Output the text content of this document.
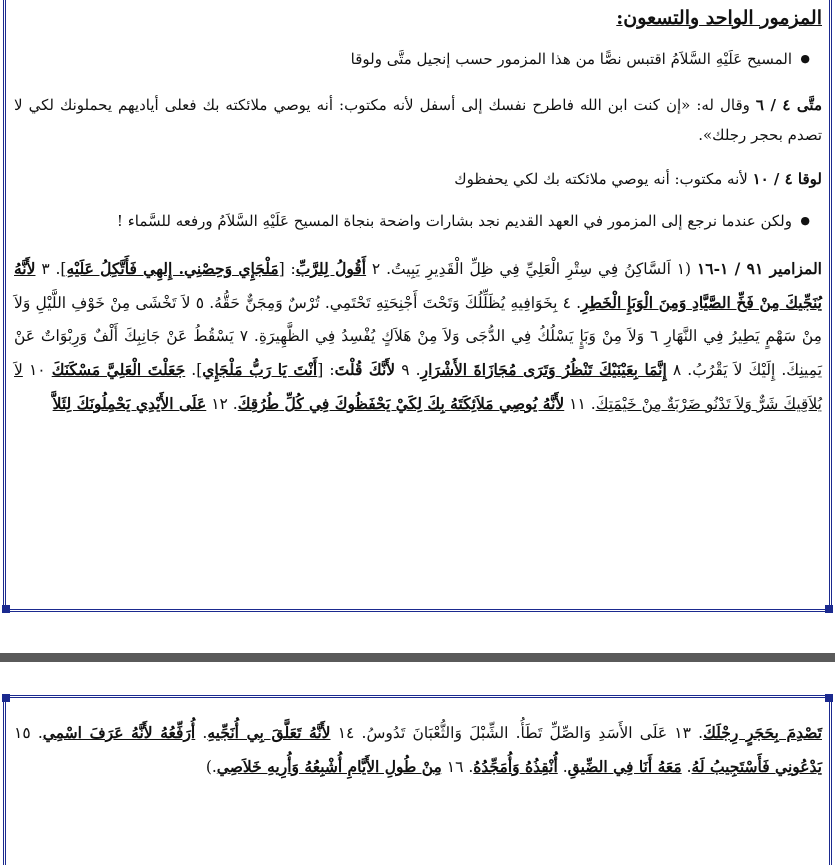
المزمور الواحد والتسعون:

● المسيح عَلَيْهِ السَّلاَمُ اقتبس نصًّا من هذا المزمور حسب إنجيل متَّى ولوقا

متَّى ٤ / ٦ وقال له: «إن كنت ابن الله فاطرح نفسك إلى أسفل لأنه مكتوب: أنه يوصي ملائكته بك فعلى أياديهم يحملونك لكي لا تصدم بحجر رجلك».

لوقا ٤ / ١٠ لأنه مكتوب: أنه يوصي ملائكته بك لكي يحفظوك

● ولكن عندما نرجع إلى المزمور في العهد القديم نجد بشارات واضحة بنجاة المسيح عَلَيْهِ السَّلاَمُ ورفعه للسَّماء !

المزامير ٩١ / ١-١٦ (١ اَلسَّاكِنُ فِي سِتْرِ الْعَلِيِّ فِي ظِلِّ الْقَدِيرِ يَبِيتُ. ٢ أَقُولُ لِلرَّبِّ: [مَلْجَإِي وَحِصْنِي. إِلهِي فَأَتَّكِلُ عَلَيْهِ]. ٣ لأَنَّهُ يُنَجِّيكَ مِنْ فَخِّ الصَّيَّادِ وَمِنَ الْوَبَإِ الْخَطِرِ. ٤ بِخَوَافِيهِ يُظَلِّلُكَ وَتَحْتَ أَجْنِحَتِهِ تَحْتَمِي. تُرْسٌ وَمِجَنٌّ حَقُّهُ. ٥ لاَ تَخْشَى مِنْ خَوْفِ اللَّيْلِ وَلاَ مِنْ سَهْمٍ يَطِيرُ فِي النَّهَارِ ٦ وَلاَ مِنْ وَبَإٍ يَسْلُكُ فِي الدُّجَى وَلاَ مِنْ هَلاَكٍ يُفْسِدُ فِي الظَّهِيرَةِ. ٧ يَسْقُطُ عَنْ جَانِبِكَ أَلْفٌ وَرِبْوَاتٌ عَنْ يَمِينِكَ. إِلَيْكَ لاَ يَقْرُبُ. ٨ إِنَّمَا بِعَيْنَيْكَ تَنْظُرُ وَتَرَى مُجَازَاةَ الأَشْرَارِ. ٩ لأَنَّكَ قُلْتَ: [أَنْتَ يَا رَبُّ مَلْجَإِي]. جَعَلْتَ الْعَلِيَّ مَسْكَنَكَ ١٠ لاَ يُلاَقِيكَ شَرٌّ وَلاَ تَدْنُو ضَرْبَةٌ مِنْ خَيْمَتِكَ. ١١ لأَنَّهُ يُوصِي مَلاَئِكَتَهُ بِكَ لِكَيْ يَحْفَظُوكَ فِي كُلِّ طُرُقِكَ. ١٢ عَلَى الأَيْدِي يَحْمِلُونَكَ لِئَلاَّ

تَصْدِمَ بِحَجَرٍ رِجْلَكَ. ١٣ عَلَى الأَسَدِ وَالصِّلِّ تَطَأُ. الشِّبْلَ وَالثُّعْبَانَ تَدُوسُ. ١٤ لأَنَّهُ تَعَلَّقَ بِي أُنَجِّيهِ. أُرَفِّعُهُ لأَنَّهُ عَرَفَ اسْمِي. ١٥ يَدْعُونِي فَأَسْتَجِيبُ لَهُ. مَعَهُ أَنَا فِي الضِّيقِ. أُنْقِذُهُ وَأُمَجِّدُهُ. ١٦ مِنْ طُولِ الأَيَّامِ أُشْبِعُهُ وَأُرِيهِ خَلاَصِي.)
